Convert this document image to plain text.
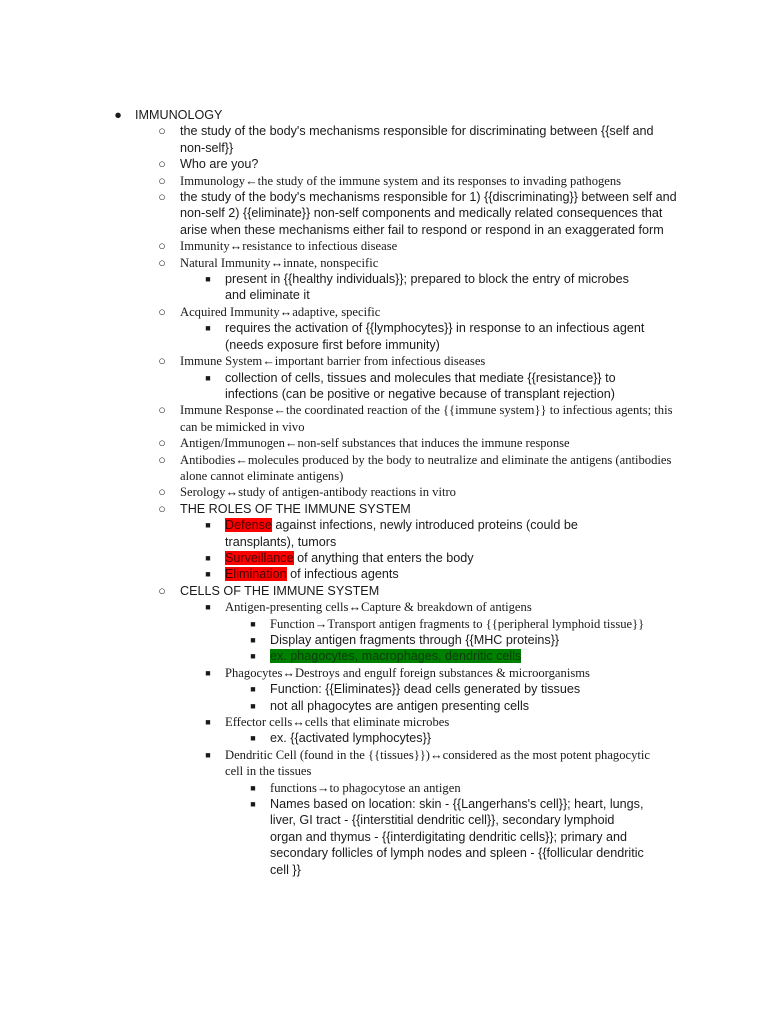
● IMMUNOLOGY
○ the study of the body's mechanisms responsible for discriminating between {{self and non-self}}
○ Who are you?
○ Immunology←the study of the immune system and its responses to invading pathogens
○ the study of the body's mechanisms responsible for 1) {{discriminating}} between self and non-self 2) {{eliminate}} non-self components and medically related consequences that arise when these mechanisms either fail to respond or respond in an exaggerated form
○ Immunity↔resistance to infectious disease
○ Natural Immunity↔innate, nonspecific
■	present in {{healthy individuals}}; prepared to block the entry of microbes and eliminate it
○ Acquired Immunity↔adaptive, specific
■	requires the activation of {{lymphocytes}} in response to an infectious agent (needs exposure first before immunity)
○ Immune System←important barrier from infectious diseases
■	collection of cells, tissues and molecules that mediate {{resistance}} to infections (can be positive or negative because of transplant rejection)
○ Immune Response←the coordinated reaction of the {{immune system}} to infectious agents; this can be mimicked in vivo
○ Antigen/Immunogen←non-self substances that induces the immune response
○ Antibodies←molecules produced by the body to neutralize and eliminate the antigens (antibodies alone cannot eliminate antigens)
○ Serology↔study of antigen-antibody reactions in vitro
○ THE ROLES OF THE IMMUNE SYSTEM
■	Defense against infections, newly introduced proteins (could be transplants), tumors
■	Surveillance of anything that enters the body
■	Elimination of infectious agents
○ CELLS OF THE IMMUNE SYSTEM
■	Antigen-presenting cells↔Capture & breakdown of antigens
■	Function→Transport antigen fragments to {{peripheral lymphoid tissue}}
■	Display antigen fragments through {{MHC proteins}}
■	ex. phagocytes, macrophages, dendritic cells
■	Phagocytes↔Destroys and engulf foreign substances & microorganisms
■	Function: {{Eliminates}} dead cells generated by tissues
■	not all phagocytes are antigen presenting cells
■	Effector cells↔cells that eliminate microbes
■	ex. {{activated lymphocytes}}
■	Dendritic Cell (found in the {{tissues}})↔considered as the most potent phagocytic cell in the tissues
■	functions→to phagocytose an antigen
■	Names based on location: skin - {{Langerhans's cell}}; heart, lungs, liver, GI tract - {{interstitial dendritic cell}}, secondary lymphoid organ and thymus - {{interdigitating dendritic cells}}; primary and secondary follicles of lymph nodes and spleen - {{follicular dendritic cell }}
